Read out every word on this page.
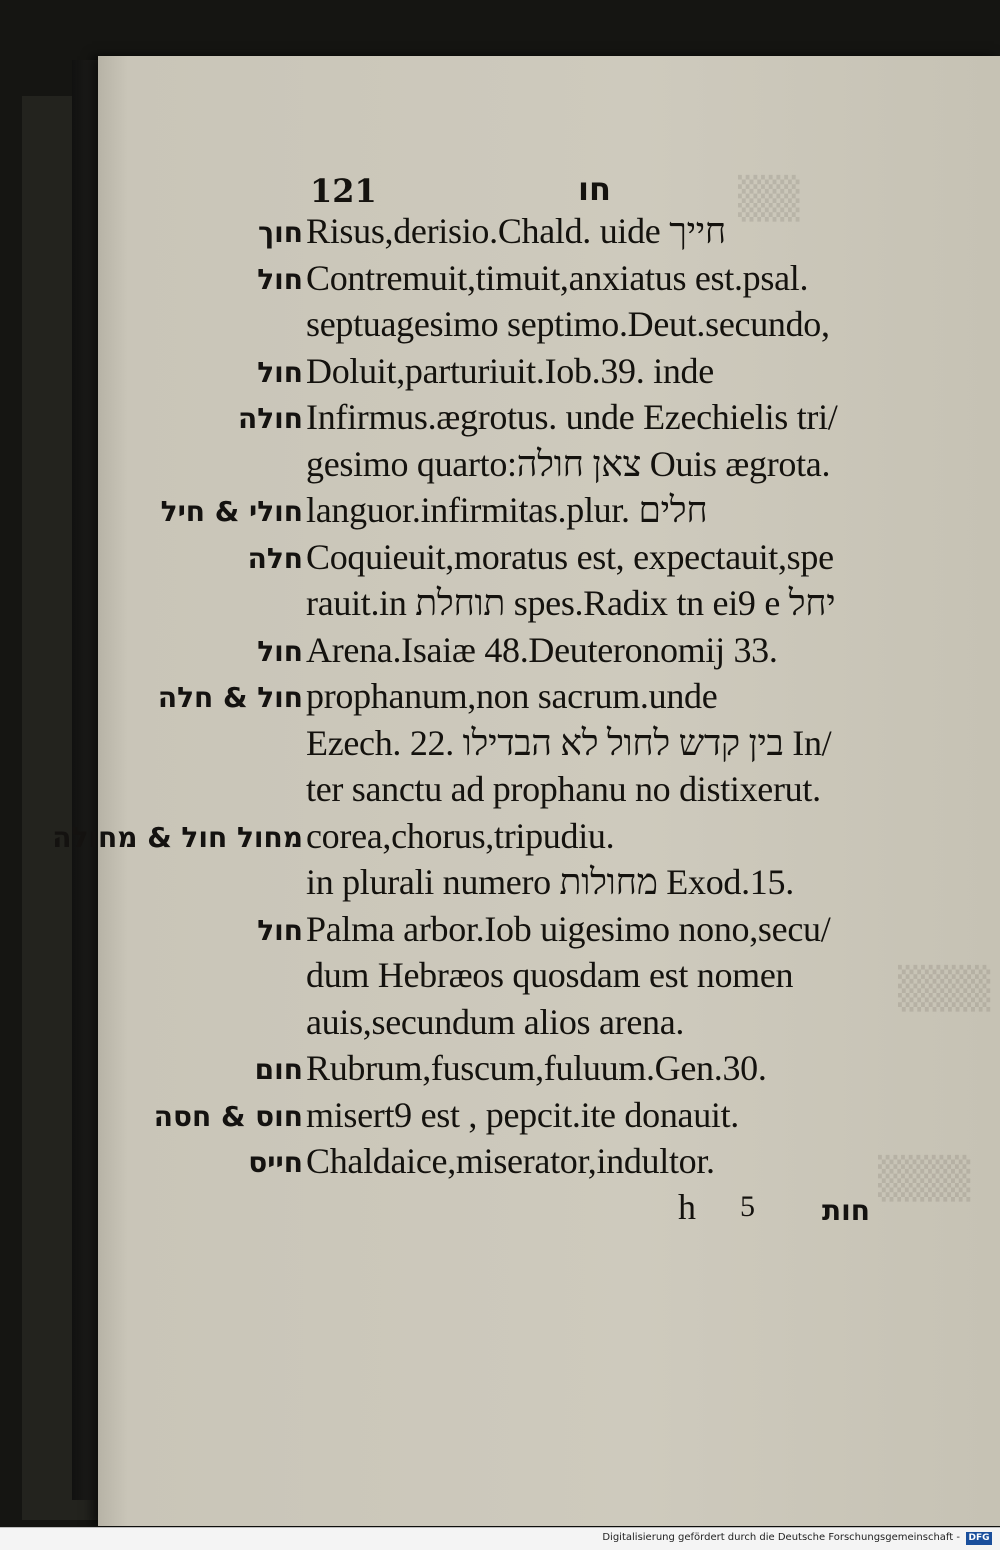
▒▒
▒▒▒
▒▒▒
121	חו
חוך Risus,derisio.Chald. uide חייך
חול Contremuit,timuit,anxiatus est.psal.
septuagesimo septimo.Deut.secundo,
חול Doluit,parturiuit.Iob.39. inde
חולה Infirmus.ægrotus. unde Ezechielis tri/
gesimo quarto:צאן חולה Ouis ægrota.
חולי & חיל languor.infirmitas.plur. חלים
חלה Coquieuit,moratus est, expectauit,spe
rauit.in תוחלת spes.Radix tn ei9 e יחל
חול Arena.Isaiæ 48.Deuteronomij 33.
חול & חלה prophanum,non sacrum.unde
Ezech. 22. בין קדש לחול לא הבדילו In/
ter sanctu ad prophanu no distixerut.
מחול חול & מחולה corea,chorus,tripudiu.
in plurali numero מחולות Exod.15.
חול Palma arbor.Iob uigesimo nono,secu/
dum Hebræos quosdam est nomen
auis,secundum alios arena.
חום Rubrum,fuscum,fuluum.Gen.30.
חוס & חסה misert9 est , pepcit.ite donauit.
חייס Chaldaice,miserator,indultor.
h 5 חות
Digitalisierung gefördert durch die Deutsche Forschungsgemeinschaft - DFG
